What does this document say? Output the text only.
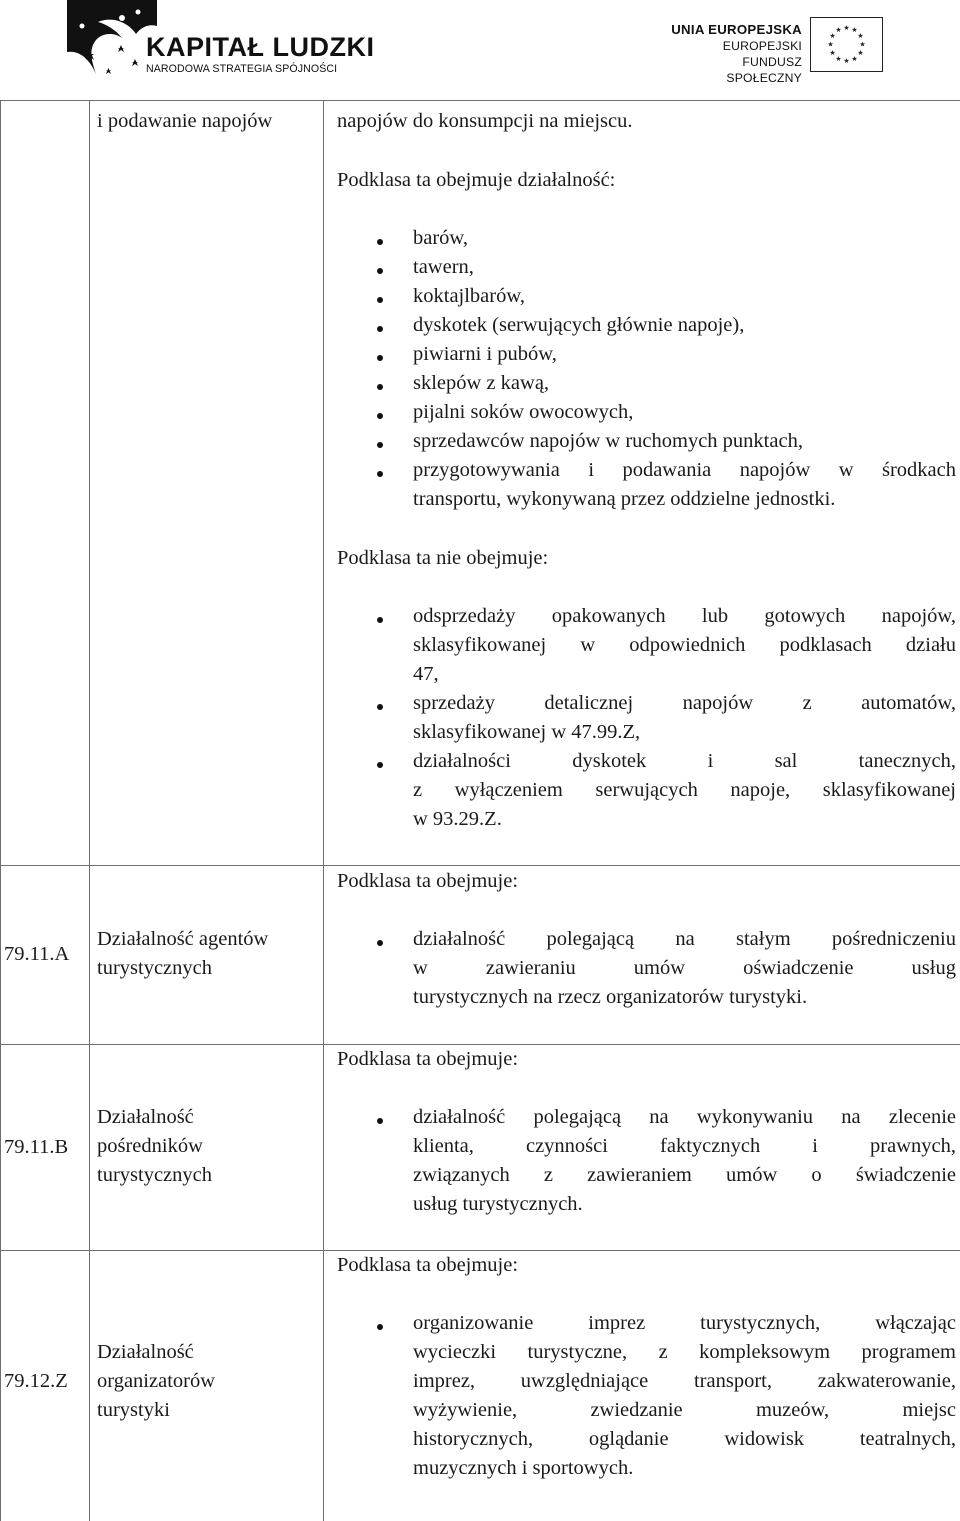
KAPITAŁ LUDZKI
NARODOWA STRATEGIA SPÓJNOŚCI
UNIA EUROPEJSKA
EUROPEJSKI
FUNDUSZ SPOŁECZNY
★ ★
★
★
★
★
★
★
★
★
★
★
i podawanie napojów	napojów do konsumpcji na miejscu.
Podklasa ta obejmuje działalność:
barów,
tawern,
koktajlbarów,
dyskotek (serwujących głównie napoje),
piwiarni i pubów,
sklepów z kawą,
pijalni soków owocowych,
sprzedawców napojów w ruchomych punktach,
przygotowywania i podawania napojów w środkach
transportu, wykonywaną przez oddzielne jednostki.
Podklasa ta nie obejmuje:
odsprzedaży opakowanych lub gotowych napojów,
sklasyfikowanej w odpowiednich podklasach działu
47,
sprzedaży detalicznej napojów z automatów,
sklasyfikowanej w 47.99.Z,
działalności dyskotek i sal tanecznych,
z wyłączeniem serwujących napoje, sklasyfikowanej
w 93.29.Z.
79.11.A
Działalność agentów
turystycznych
Podklasa ta obejmuje:
działalność polegającą na stałym pośredniczeniu
w zawieraniu umów oświadczenie usług
turystycznych na rzecz organizatorów turystyki.
79.11.B
Działalność
pośredników
turystycznych
Podklasa ta obejmuje:
działalność polegającą na wykonywaniu na zlecenie
klienta, czynności faktycznych i prawnych,
związanych z zawieraniem umów o świadczenie
usług turystycznych.
79.12.Z
Działalność
organizatorów
turystyki
Podklasa ta obejmuje:
organizowanie imprez turystycznych, włączając
wycieczki turystyczne, z kompleksowym programem
imprez, uwzględniające transport, zakwaterowanie,
wyżywienie, zwiedzanie muzeów, miejsc
historycznych, oglądanie widowisk teatralnych,
muzycznych i sportowych.
